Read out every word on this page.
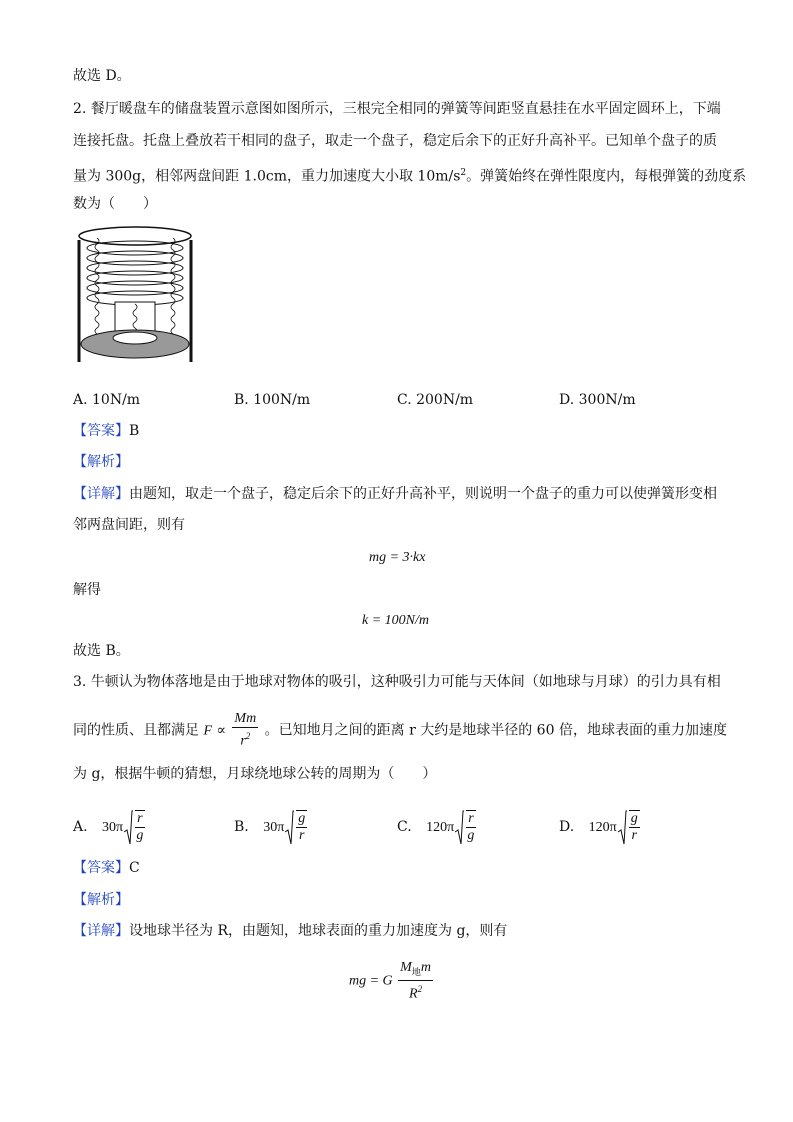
故选 D。
2. 餐厅暖盘车的储盘装置示意图如图所示，三根完全相同的弹簧等间距竖直悬挂在水平固定圆环上，下端
连接托盘。托盘上叠放若干相同的盘子，取走一个盘子，稳定后余下的正好升高补平。已知单个盘子的质
量为 300g，相邻两盘间距 1.0cm，重力加速度大小取 $10m/s^2$。弹簧始终在弹性限度内，每根弹簧的劲度系
数为（　　）
A. 10N/m	B. 100N/m	C. 200N/m	D. 300N/m
【答案】B
【解析】
【详解】由题知，取走一个盘子，稳定后余下的正好升高补平，则说明一个盘子的重力可以使弹簧形变相
邻两盘间距，则有
mg = 3·kx
解得
k = 100N/m
故选 B。
3. 牛顿认为物体落地是由于地球对物体的吸引，这种吸引力可能与天体间（如地球与月球）的引力具有相
同的性质、且都满足 $F \propto \frac{Mm}{r^2}$ 。已知地月之间的距离 r 大约是地球半径的 60 倍，地球表面的重力加速度
为 g，根据牛顿的猜想，月球绕地球公转的周期为（　　）
A. $30\pi \frac{r}{g}$	B. $30\pi \frac{g}{r}$	C. $120\pi \frac{r}{g}$	D. $120\pi \frac{g}{r}$
【答案】C
【解析】
【详解】设地球半径为 R，由题知，地球表面的重力加速度为 g，则有
mg = G $\frac{M_地m}{R^2}$
